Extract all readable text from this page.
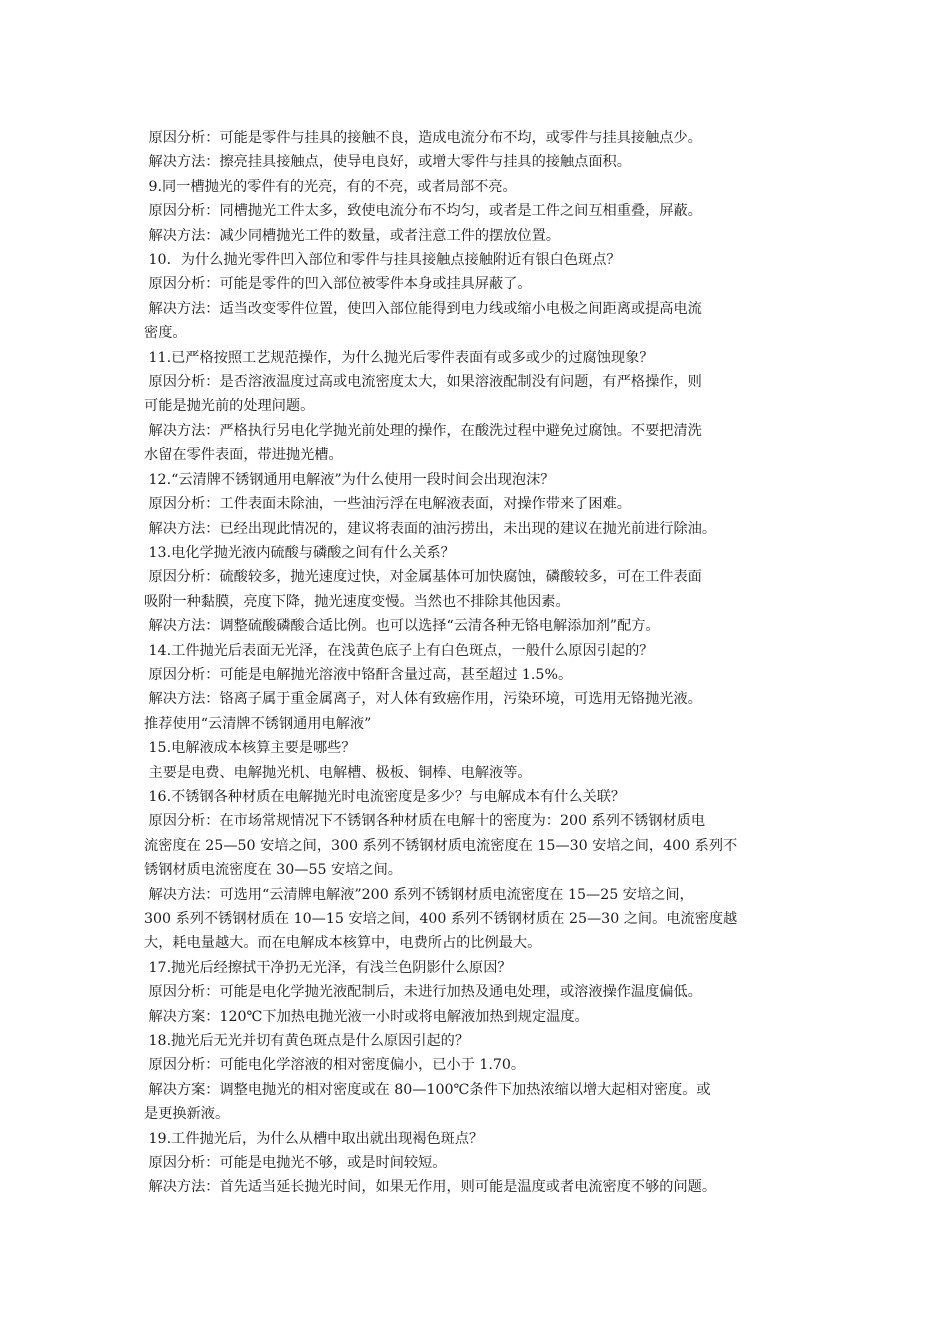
原因分析：可能是零件与挂具的接触不良，造成电流分布不均，或零件与挂具接触点少。

解决方法：擦亮挂具接触点，使导电良好，或增大零件与挂具的接触点面积。

9.同一槽抛光的零件有的光亮，有的不亮，或者局部不亮。

原因分析：同槽抛光工件太多，致使电流分布不均匀，或者是工件之间互相重叠，屏蔽。

解决方法：减少同槽抛光工件的数量，或者注意工件的摆放位置。

10．为什么抛光零件凹入部位和零件与挂具接触点接触附近有银白色斑点？

原因分析：可能是零件的凹入部位被零件本身或挂具屏蔽了。

解决方法：适当改变零件位置，使凹入部位能得到电力线或缩小电极之间距离或提高电流

密度。

11.已严格按照工艺规范操作，为什么抛光后零件表面有或多或少的过腐蚀现象？

原因分析：是否溶液温度过高或电流密度太大，如果溶液配制没有问题，有严格操作，则

可能是抛光前的处理问题。

解决方法：严格执行另电化学抛光前处理的操作，在酸洗过程中避免过腐蚀。不要把清洗

水留在零件表面，带进抛光槽。

12.“云清牌不锈钢通用电解液”为什么使用一段时间会出现泡沫？

原因分析：工件表面未除油，一些油污浮在电解液表面，对操作带来了困难。

解决方法：已经出现此情况的，建议将表面的油污捞出，未出现的建议在抛光前进行除油。

13.电化学抛光液内硫酸与磷酸之间有什么关系？

原因分析：硫酸较多，抛光速度过快，对金属基体可加快腐蚀，磷酸较多，可在工件表面

吸附一种黏膜，亮度下降，抛光速度变慢。当然也不排除其他因素。

解决方法：调整硫酸磷酸合适比例。也可以选择“云清各种无铬电解添加剂”配方。

14.工件抛光后表面无光泽，在浅黄色底子上有白色斑点，一般什么原因引起的？

原因分析：可能是电解抛光溶液中铬酐含量过高，甚至超过 1.5%。

解决方法：铬离子属于重金属离子，对人体有致癌作用，污染环境，可选用无铬抛光液。

推荐使用“云清牌不锈钢通用电解液”

15.电解液成本核算主要是哪些？

主要是电费、电解抛光机、电解槽、极板、铜棒、电解液等。

16.不锈钢各种材质在电解抛光时电流密度是多少？与电解成本有什么关联？

原因分析：在市场常规情况下不锈钢各种材质在电解十的密度为：200 系列不锈钢材质电

流密度在 25—50 安培之间，300 系列不锈钢材质电流密度在 15—30 安培之间，400 系列不

锈钢材质电流密度在 30—55 安培之间。

解决方法：可选用“云清牌电解液”200 系列不锈钢材质电流密度在 15—25 安培之间，

300 系列不锈钢材质在 10—15 安培之间，400 系列不锈钢材质在 25—30 之间。电流密度越

大，耗电量越大。而在电解成本核算中，电费所占的比例最大。

17.抛光后经擦拭干净扔无光泽，有浅兰色阴影什么原因？

原因分析：可能是电化学抛光液配制后，未进行加热及通电处理，或溶液操作温度偏低。

解决方案：120℃下加热电抛光液一小时或将电解液加热到规定温度。

18.抛光后无光并切有黄色斑点是什么原因引起的？

原因分析：可能电化学溶液的相对密度偏小，已小于 1.70。

解决方案：调整电抛光的相对密度或在 80—100℃条件下加热浓缩以增大起相对密度。或

是更换新液。

19.工件抛光后，为什么从槽中取出就出现褐色斑点？

原因分析：可能是电抛光不够，或是时间较短。

解决方法：首先适当延长抛光时间，如果无作用，则可能是温度或者电流密度不够的问题。
